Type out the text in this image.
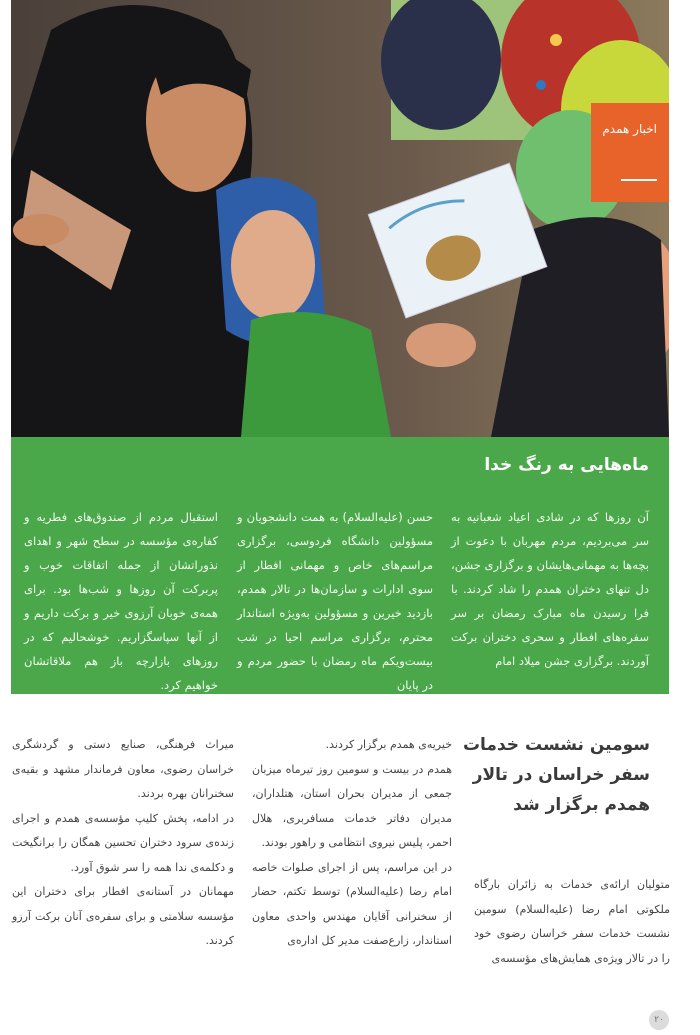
اخبار همدم
ماه‌هایی به رنگ خدا
آن روزها که در شادی اعیاد شعبانیه به سر می‌بردیم، مردم مهربان با دعوت از بچه‌ها به مهمانی‌هایشان و برگزاری جشن، دل تنهای دختران همدم را شاد کردند. با فرا رسیدن ماه مبارک رمضان بر سر سفره‌های افطار و سحری دختران برکت آوردند. برگزاری جشن میلاد امام
حسن (علیه‌السلام) به همت دانشجویان و مسؤولین دانشگاه فردوسی، برگزاری مراسم‌های خاص و مهمانی افطار از سوی ادارات و سازمان‌ها در تالار همدم، بازدید خیرین و مسؤولین به‌ویژه استاندار محترم، برگزاری مراسم احیا در شب بیست‌ویکم ماه رمضان با حضور مردم و در پایان
استقبال مردم از صندوق‌های فطریه و کفاره‌ی مؤسسه در سطح شهر و اهدای نذوراتشان از جمله اتفاقات خوب و پربرکت آن روزها و شب‌ها بود. برای همه‌ی خوبان آرزوی خیر و برکت داریم و از آنها سپاسگزاریم. خوشحالیم که در روزهای بازارچه باز هم ملاقاتشان خواهیم کرد.
سومین نشست خدمات سفر خراسان در تالار همدم برگزار شد

متولیان ارائه‌ی خدمات به زائران بارگاه ملکوتی امام رضا (علیه‌السلام) سومین نشست خدمات سفر خراسان رضوی خود را در تالار ویژه‌ی همایش‌های مؤسسه‌ی

خیریه‌ی همدم برگزار کردند.

همدم در بیست و سومین روز تیرماه میزبان جمعی از مدیران بحران استان، هتلداران، مدیران دفاتر خدمات مسافربری، هلال احمر، پلیس نیروی انتظامی و راهور بودند.

در این مراسم، پس از اجرای صلوات خاصه امام رضا (علیه‌السلام) توسط تکتم، حضار از سخنرانی آقایان مهندس واحدی معاون استاندار، زارع‌صفت مدیر کل اداره‌ی

میراث فرهنگی، صنایع دستی و گردشگری خراسان رضوی، معاون فرماندار مشهد و بقیه‌ی سخنرانان بهره بردند.

در ادامه، پخش کلیپ مؤسسه‌ی همدم و اجرای زنده‌ی سرود دختران تحسین همگان را برانگیخت و دکلمه‌ی ندا همه را سر شوق آورد.

مهمانان در آستانه‌ی افطار برای دختران این مؤسسه سلامتی و برای سفره‌ی آنان برکت آرزو کردند.

۲۰
